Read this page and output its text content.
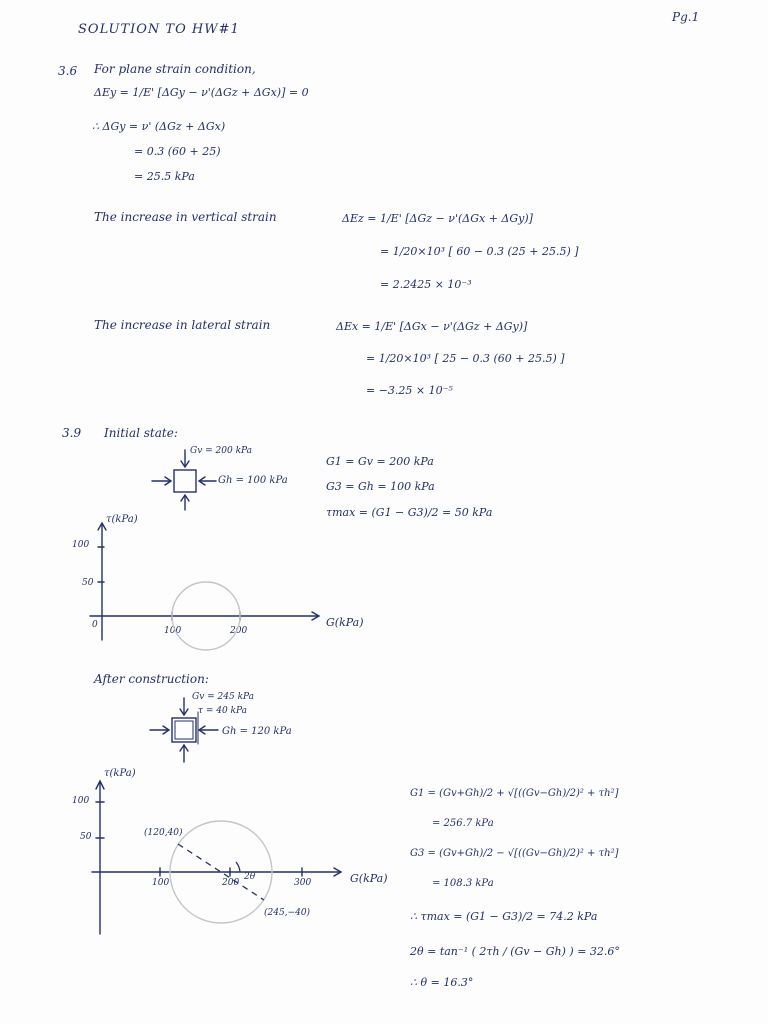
SOLUTION TO HW#1
Pg.1
3.6 For plane strain condition,
ΔEy = 1/E' [ΔGy − ν'(ΔGz + ΔGx)] = 0
∴ ΔGy = ν' (ΔGz + ΔGx)
= 0.3 (60 + 25)
= 25.5 kPa
The increase in vertical strain	ΔEz = 1/E' [ΔGz − ν'(ΔGx + ΔGy)]
= 1/20×10³ [ 60 − 0.3 (25 + 25.5) ]
= 2.2425 × 10⁻³
The increase in lateral strain	ΔEx = 1/E' [ΔGx − ν'(ΔGz + ΔGy)]
= 1/20×10³ [ 25 − 0.3 (60 + 25.5) ]
= −3.25 × 10⁻⁵
3.9 Initial state:
Gv = 200 kPa
Gh = 100 kPa
G1 = Gv = 200 kPa
G3 = Gh = 100 kPa
τmax = (G1 − G3)/2 = 50 kPa
τ(kPa)
100
50
0
100	200
G(kPa)
After construction:
Gv = 245 kPa
τ = 40 kPa
Gh = 120 kPa
τ(kPa)
100
50	(120,40)
100	200
2θ
300	G(kPa)
(245,−40)
G1 = (Gv+Gh)/2 + √[((Gv−Gh)/2)² + τh²]
= 256.7 kPa
G3 = (Gv+Gh)/2 − √[((Gv−Gh)/2)² + τh²]
= 108.3 kPa
∴ τmax = (G1 − G3)/2 = 74.2 kPa
2θ = tan⁻¹ ( 2τh / (Gv − Gh) ) = 32.6°
∴ θ = 16.3°
